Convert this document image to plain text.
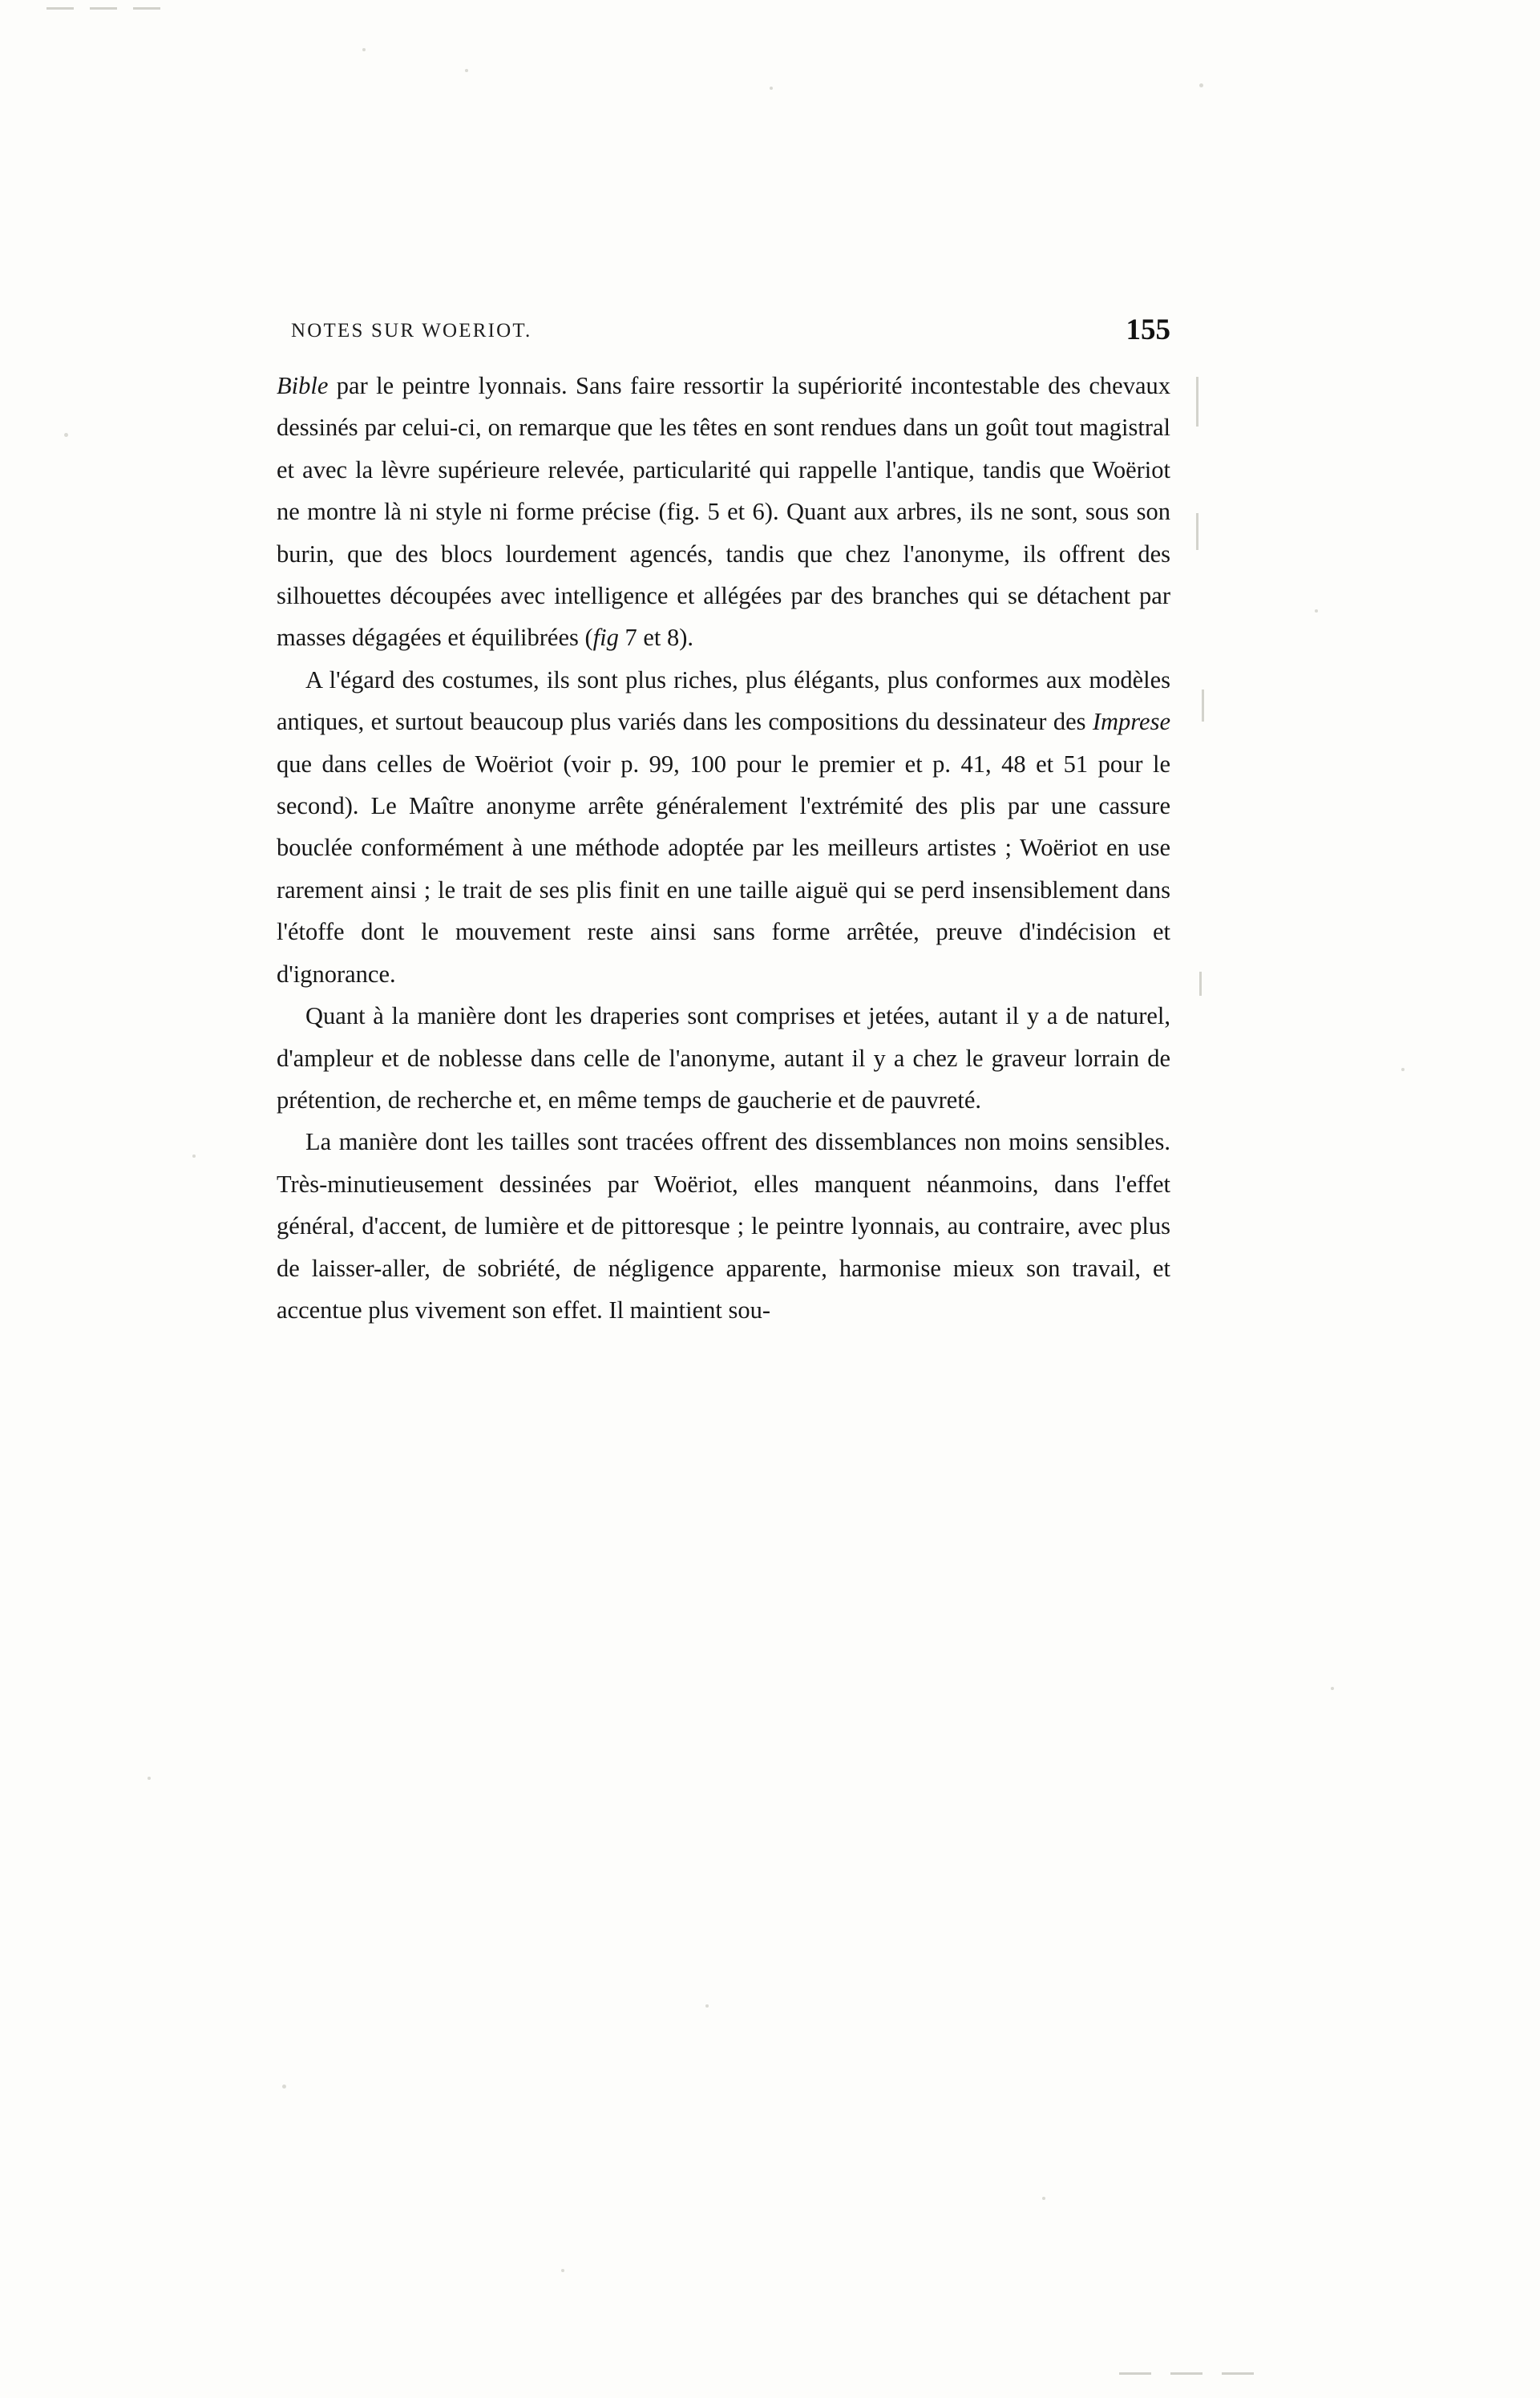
NOTES SUR WOERIOT.	155

Bible par le peintre lyonnais. Sans faire ressortir la supériorité incontestable des chevaux dessinés par celui-ci, on remarque que les têtes en sont rendues dans un goût tout magistral et avec la lèvre supérieure relevée, particularité qui rappelle l'antique, tandis que Woëriot ne montre là ni style ni forme précise (fig. 5 et 6). Quant aux arbres, ils ne sont, sous son burin, que des blocs lourdement agencés, tandis que chez l'anonyme, ils offrent des silhouettes découpées avec intelligence et allégées par des branches qui se détachent par masses dégagées et équilibrées (fig 7 et 8).

A l'égard des costumes, ils sont plus riches, plus élégants, plus conformes aux modèles antiques, et surtout beaucoup plus variés dans les compositions du dessinateur des Imprese que dans celles de Woëriot (voir p. 99, 100 pour le premier et p. 41, 48 et 51 pour le second). Le Maître anonyme arrête généralement l'extrémité des plis par une cassure bouclée conformément à une méthode adoptée par les meilleurs artistes ; Woëriot en use rarement ainsi ; le trait de ses plis finit en une taille aiguë qui se perd insensiblement dans l'étoffe dont le mouvement reste ainsi sans forme arrêtée, preuve d'indécision et d'ignorance.

Quant à la manière dont les draperies sont comprises et jetées, autant il y a de naturel, d'ampleur et de noblesse dans celle de l'anonyme, autant il y a chez le graveur lorrain de prétention, de recherche et, en même temps de gaucherie et de pauvreté.

La manière dont les tailles sont tracées offrent des dissemblances non moins sensibles. Très-minutieusement dessinées par Woëriot, elles manquent néanmoins, dans l'effet général, d'accent, de lumière et de pittoresque ; le peintre lyonnais, au contraire, avec plus de laisser-aller, de sobriété, de négligence apparente, harmonise mieux son travail, et accentue plus vivement son effet. Il maintient sou-
